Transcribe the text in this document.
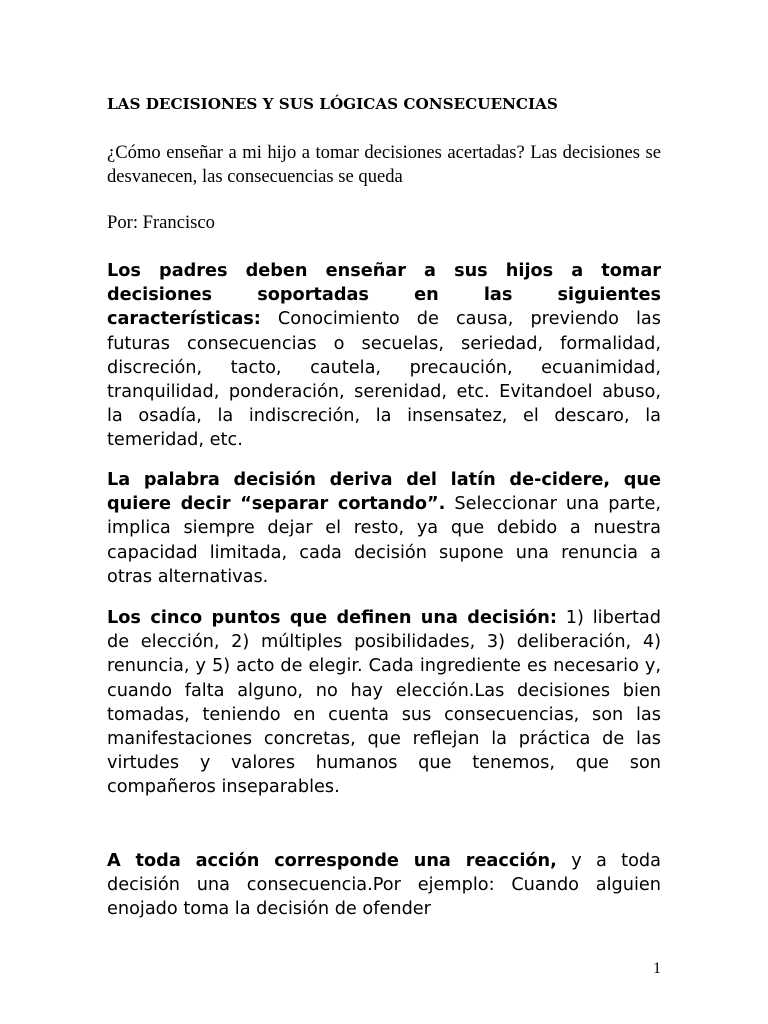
LAS DECISIONES Y SUS LÓGICAS CONSECUENCIAS

¿Cómo enseñar a mi hijo a tomar decisiones acertadas? Las decisiones se desvanecen, las consecuencias se queda

Por: Francisco

Los padres deben enseñar a sus hijos a tomar decisiones soportadas en las siguientes características: Conocimiento de causa, previendo las futuras consecuencias o secuelas, seriedad, formalidad, discreción, tacto, cautela, precaución, ecuanimidad, tranquilidad, ponderación, serenidad, etc. Evitandoel abuso, la osadía, la indiscreción, la insensatez, el descaro, la temeridad, etc.

La palabra decisión deriva del latín de-cidere, que quiere decir “separar cortando”. Seleccionar una parte, implica siempre dejar el resto, ya que debido a nuestra capacidad limitada, cada decisión supone una renuncia a otras alternativas.

Los cinco puntos que definen una decisión: 1) libertad de elección, 2) múltiples posibilidades, 3) deliberación, 4) renuncia, y 5) acto de elegir. Cada ingrediente es necesario y, cuando falta alguno, no hay elección.Las decisiones bien tomadas, teniendo en cuenta sus consecuencias, son las manifestaciones concretas, que reflejan la práctica de las virtudes y valores humanos que tenemos, que son compañeros inseparables.

A toda acción corresponde una reacción, y a toda decisión una consecuencia.Por ejemplo: Cuando alguien enojado toma la decisión de ofender

1
